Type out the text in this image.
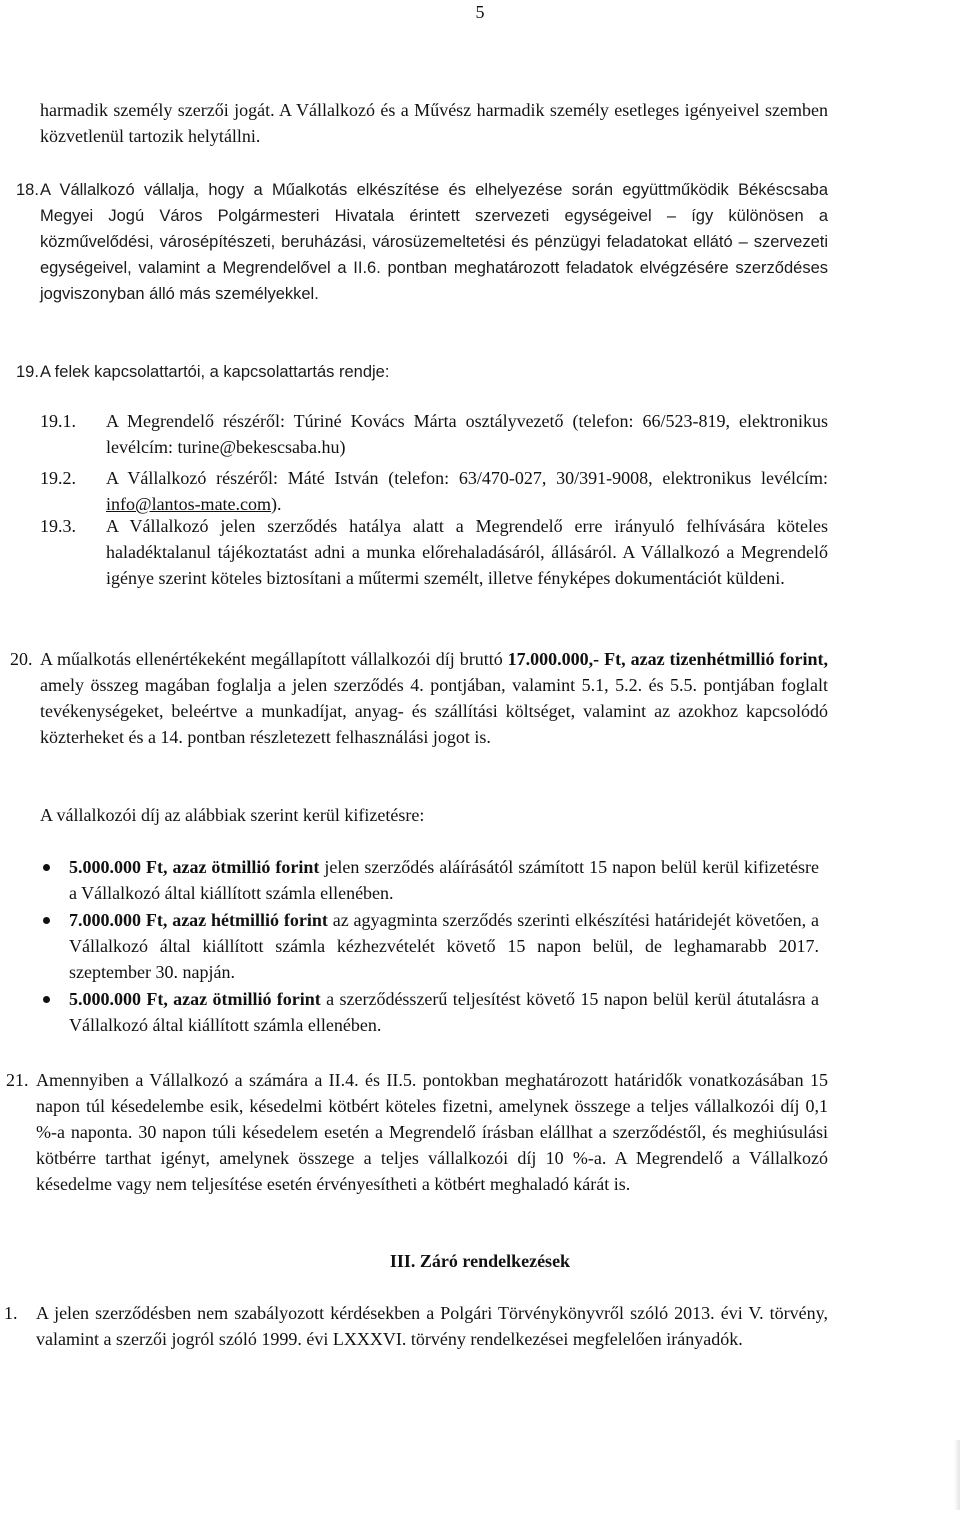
5
harmadik személy szerzői jogát. A Vállalkozó és a Művész harmadik személy esetleges igényeivel szemben közvetlenül tartozik helytállni.
18. A Vállalkozó vállalja, hogy a Műalkotás elkészítése és elhelyezése során együttműködik Békéscsaba Megyei Jogú Város Polgármesteri Hivatala érintett szervezeti egységeivel – így különösen a közművelődési, városépítészeti, beruházási, városüzemeltetési és pénzügyi feladatokat ellátó – szervezeti egységeivel, valamint a Megrendelővel a II.6. pontban meghatározott feladatok elvégzésére szerződéses jogviszonyban álló más személyekkel.
19. A felek kapcsolattartói, a kapcsolattartás rendje:
19.1. A Megrendelő részéről: Túriné Kovács Márta osztályvezető (telefon: 66/523-819, elektronikus levélcím: turine@bekescsaba.hu)
19.2. A Vállalkozó részéről: Máté István (telefon: 63/470-027, 30/391-9008, elektronikus levélcím: info@lantos-mate.com).
19.3. A Vállalkozó jelen szerződés hatálya alatt a Megrendelő erre irányuló felhívására köteles haladéktalanul tájékoztatást adni a munka előrehaladásáról, állásáról. A Vállalkozó a Megrendelő igénye szerint köteles biztosítani a műtermi személt, illetve fényképes dokumentációt küldeni.
20. A műalkotás ellenértékeként megállapított vállalkozói díj bruttó 17.000.000,- Ft, azaz tizenhétmillió forint, amely összeg magában foglalja a jelen szerződés 4. pontjában, valamint 5.1, 5.2. és 5.5. pontjában foglalt tevékenységeket, beleértve a munkadíjat, anyag- és szállítási költséget, valamint az azokhoz kapcsolódó közterheket és a 14. pontban részletezett felhasználási jogot is.
A vállalkozói díj az alábbiak szerint kerül kifizetésre:
5.000.000 Ft, azaz ötmillió forint jelen szerződés aláírásától számított 15 napon belül kerül kifizetésre a Vállalkozó által kiállított számla ellenében.
7.000.000 Ft, azaz hétmillió forint az agyagminta szerződés szerinti elkészítési határidejét követően, a Vállalkozó által kiállított számla kézhezvételét követő 15 napon belül, de leghamarabb 2017. szeptember 30. napján.
5.000.000 Ft, azaz ötmillió forint a szerződésszerű teljesítést követő 15 napon belül kerül átutalásra a Vállalkozó által kiállított számla ellenében.
21. Amennyiben a Vállalkozó a számára a II.4. és II.5. pontokban meghatározott határidők vonatkozásában 15 napon túl késedelembe esik, késedelmi kötbért köteles fizetni, amelynek összege a teljes vállalkozói díj 0,1 %-a naponta. 30 napon túli késedelem esetén a Megrendelő írásban elállhat a szerződéstől, és meghiúsulási kötbérre tarthat igényt, amelynek összege a teljes vállalkozói díj 10 %-a. A Megrendelő a Vállalkozó késedelme vagy nem teljesítése esetén érvényesítheti a kötbért meghaladó kárát is.
III. Záró rendelkezések
1. A jelen szerződésben nem szabályozott kérdésekben a Polgári Törvénykönyvről szóló 2013. évi V. törvény, valamint a szerzői jogról szóló 1999. évi LXXXVI. törvény rendelkezései megfelelően irányadók.
